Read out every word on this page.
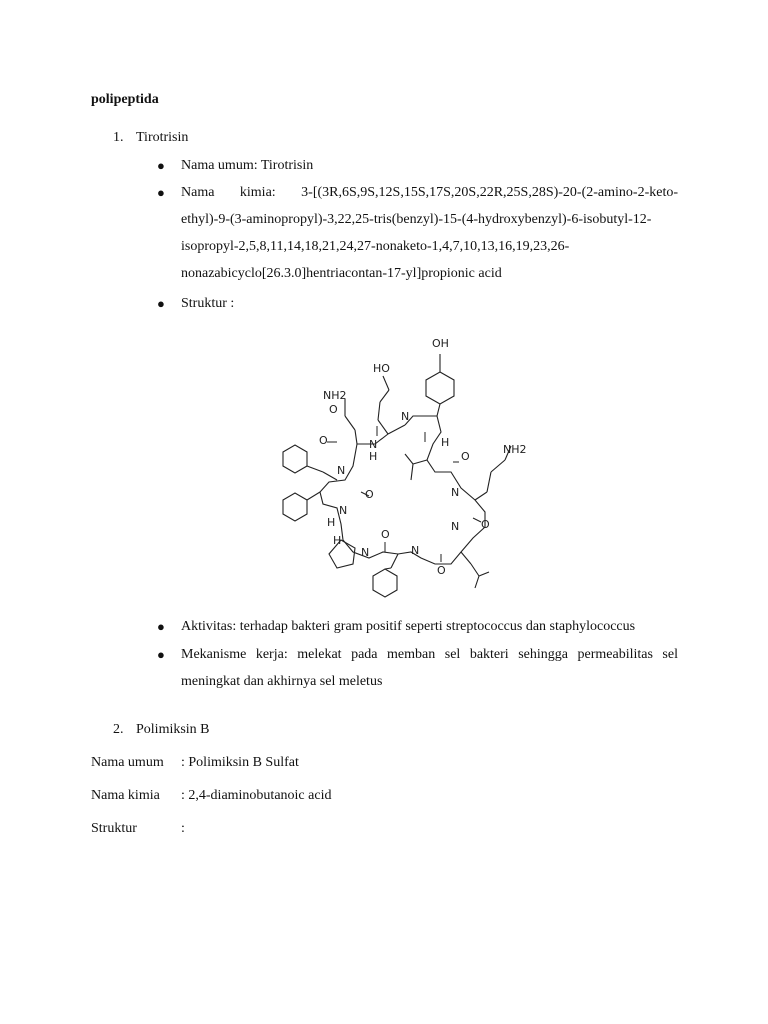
polipeptida
1. Tirotrisin
● Nama umum: Tirotrisin
● Nama kimia: 3-[(3R,6S,9S,12S,15S,17S,20S,22R,25S,28S)-20-(2-amino-2-keto-ethyl)-9-(3-aminopropyl)-3,22,25-tris(benzyl)-15-(4-hydroxybenzyl)-6-isobutyl-12-isopropyl-2,5,8,11,14,18,21,24,27-nonaketo-1,4,7,10,13,16,19,23,26-nonazabicyclo[26.3.0]hentriacontan-17-yl]propionic acid
● Struktur :
OH
HO
NH2
NH2
O
O
N
N
H
H
O
N
N O
N
O
O
N
N
H
N
O
H
● Aktivitas: terhadap bakteri gram positif seperti streptococcus dan staphylococcus
● Mekanisme kerja: melekat pada memban sel bakteri sehingga permeabilitas sel meningkat dan akhirnya sel meletus
2. Polimiksin B
Nama umum : Polimiksin B Sulfat
Nama kimia : 2,4-diaminobutanoic acid
Struktur	:
